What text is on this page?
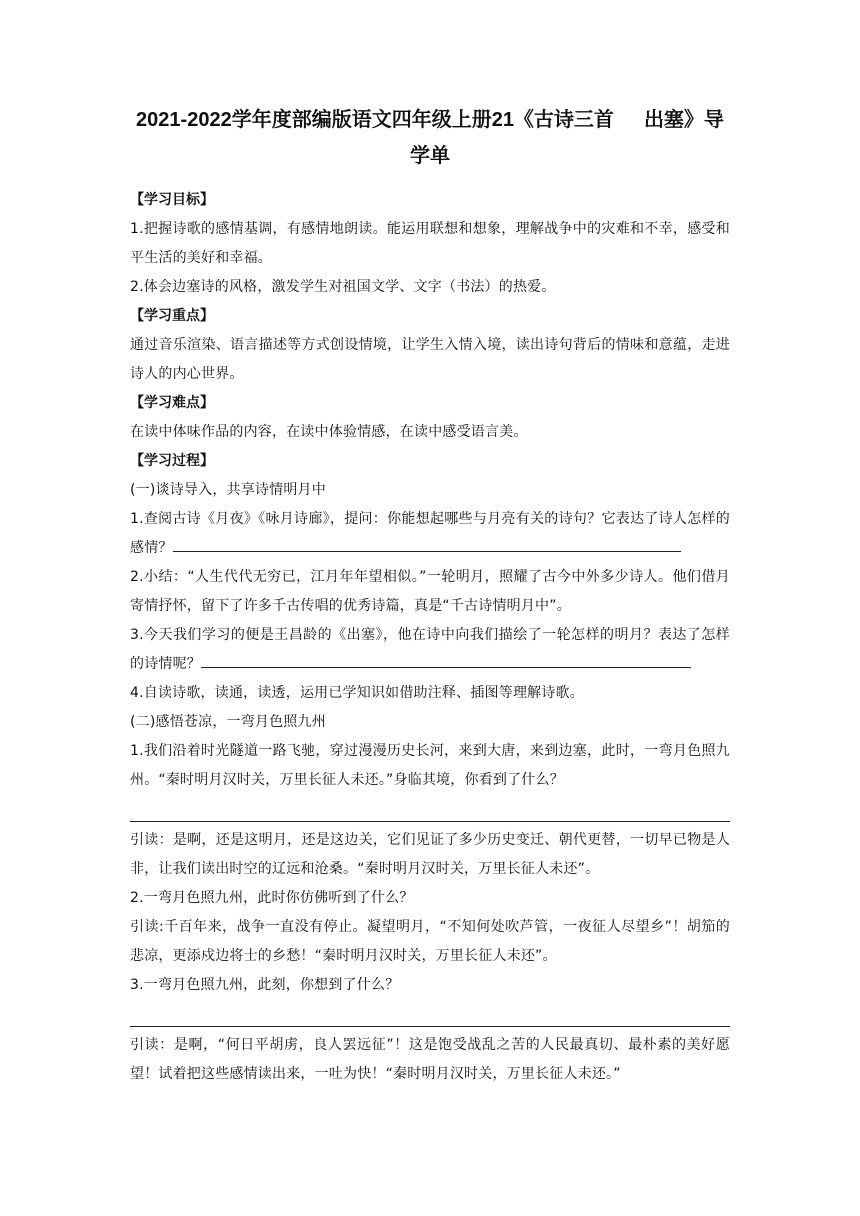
2021-2022学年度部编版语文四年级上册21《古诗三首 出塞》导
学单
【学习目标】
1.把握诗歌的感情基调，有感情地朗读。能运用联想和想象，理解战争中的灾难和不幸，感受和平生活的美好和幸福。
2.体会边塞诗的风格，激发学生对祖国文学、文字（书法）的热爱。
【学习重点】
通过音乐渲染、语言描述等方式创设情境，让学生入情入境，读出诗句背后的情味和意蕴，走进诗人的内心世界。
【学习难点】
在读中体味作品的内容，在读中体验情感，在读中感受语言美。
【学习过程】
(一)谈诗导入，共享诗情明月中
1.查阅古诗《月夜》《咏月诗廊》，提问：你能想起哪些与月亮有关的诗句？它表达了诗人怎样的感情？
2.小结：“人生代代无穷已，江月年年望相似。”一轮明月，照耀了古今中外多少诗人。他们借月寄情抒怀，留下了许多千古传唱的优秀诗篇，真是“千古诗情明月中”。
3.今天我们学习的便是王昌龄的《出塞》，他在诗中向我们描绘了一轮怎样的明月？表达了怎样的诗情呢？
4.自读诗歌，读通，读透，运用已学知识如借助注释、插图等理解诗歌。
(二)感悟苍凉，一弯月色照九州
1.我们沿着时光隧道一路飞驰，穿过漫漫历史长河，来到大唐，来到边塞，此时，一弯月色照九州。“秦时明月汉时关，万里长征人未还。”身临其境，你看到了什么？
引读：是啊，还是这明月，还是这边关，它们见证了多少历史变迁、朝代更替，一切早已物是人非，让我们读出时空的辽远和沧桑。“秦时明月汉时关，万里长征人未还”。
2.一弯月色照九州，此时你仿佛听到了什么？
引读:千百年来，战争一直没有停止。凝望明月，“不知何处吹芦管，一夜征人尽望乡”！胡笳的悲凉，更添戍边将士的乡愁！“秦时明月汉时关，万里长征人未还”。
3.一弯月色照九州，此刻，你想到了什么？
引读：是啊，“何日平胡虏，良人罢远征”！这是饱受战乱之苦的人民最真切、最朴素的美好愿望！试着把这些感情读出来，一吐为快！“秦时明月汉时关，万里长征人未还。”
